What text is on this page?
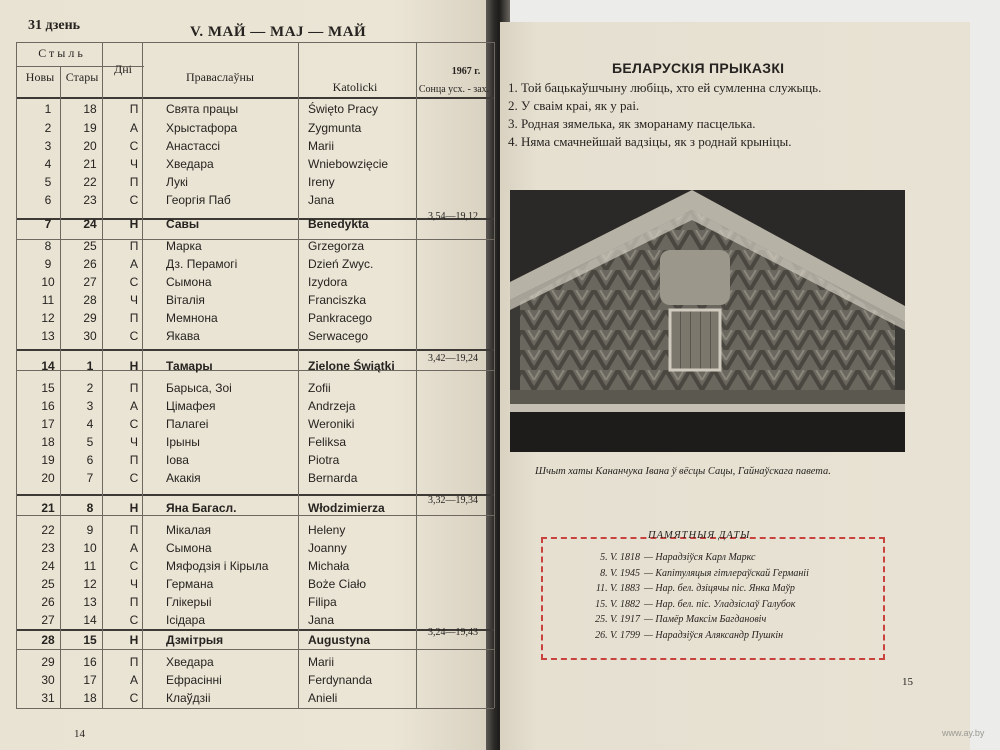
31 дзень	V. МАЙ — МАЈ — МАЙ
Стыль
Новы Стары
Дні
Праваслаўны
Katolicki
1967 г.
Сонца усх. - зах.
1	18	П	Свята працы	Święto Pracy
2	19	А	Хрыстафора	Zygmunta
3	20	С	Анастассі	Marii
4	21	Ч	Хведара	Wniebowzięcie
5	22	П	Лукі	Ireny
6	23	С	Георгія Паб	Jana
7	24	Н	Савы	Benedykta
3,54—19,12
8	25	П	Марка	Grzegorza
9	26	А	Дз. Перамогі	Dzień Zwyc.
10	27	С	Сымона	Izydora
11	28	Ч	Віталія	Franciszka
12	29	П	Мемнона	Pankracego
13	30	С	Якава	Serwacego
14	1	Н	Тамары	Zielone Świątki
3,42—19,24
15	2	П	Барыса, Зоі	Zofii
16	3	А	Цімафея	Andrzeja
17	4	С	Палагеі	Weroniki
18	5	Ч	Ірыны	Feliksa
19	6	П	Іова	Piotra
20	7	С	Акакія	Bernarda
21	8	Н	Яна Багасл.	Włodzimierza
3,32—19,34
22	9	П	Мікалая	Heleny
23	10	А	Сымона	Joanny
24	11	С	Мяфодзія і Кірыла	Michała
25	12	Ч	Германа	Boże Ciało
26	13	П	Глікерыі	Filipa
27	14	С	Ісідара	Jana
28	15	Н	Дзмітрыя	Augustyna
3,24—19,43
29	16	П	Хведара	Marii
30	17	А	Ефрасінні	Ferdynanda
31	18	С	Клаўдзіі	Anieli
14
БЕЛАРУСКІЯ ПРЫКАЗКІ
1. Той бацькаўшчыну любіць, хто ей сумленна служыць.
2. У сваім краі, як у раі.
3. Родная зямелька, як зморанаму пасцелька.
4. Няма смачнейшай вадзіцы, як з роднай крыніцы.
Шчыт хаты Кананчука Івана ў вёсцы Сацы, Гайнаўскага павета.
ПАМЯТНЫЯ ДАТЫ
5. V. 1818 — Нарадзіўся Карл Маркс
8. V. 1945 — Капітуляцыя гітлераўскай Германіі
11. V. 1883 — Нар. бел. дзіцячы пiс. Янка Маўр
15. V. 1882 — Нар. бел. пiс. Уладзіслаў Галубок
25. V. 1917 — Памёр Максім Багдановіч
26. V. 1799 — Нарадзіўся Аляксандр Пушкін
15
www.ay.by
